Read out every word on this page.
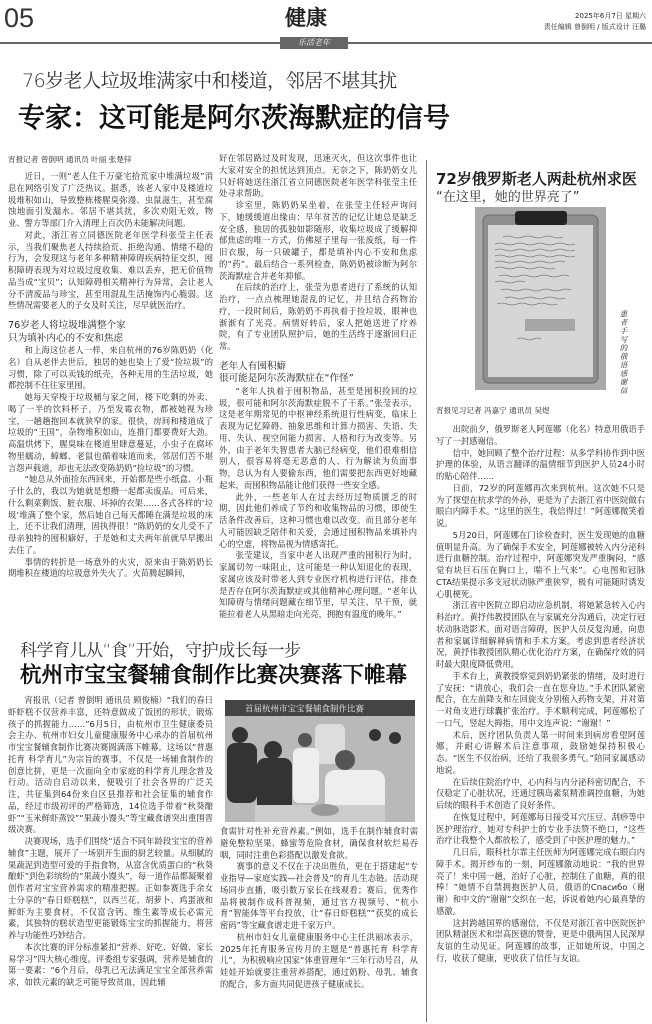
05	健康
乐活老年
2025年6月7日 星期六
责任编辑 曾倒明 / 版式设计 汪璐
76岁老人垃圾堆满家中和楼道，邻居不堪其扰
专家：这可能是阿尔茨海默症的信号
宵报记者 曾倒明 通讯员 叶丽 张楚锌

近日，一则“老人住千万豪宅拾荒家中堆满垃圾”消息在网络引发了广泛热议。据悉，该老人家中及楼道垃圾堆积如山，导致整栋楼腥臭弥漫、虫鼠滋生，甚至腐蚀地面引发漏水。邻居不堪其扰，多次劝阻无效，物业、警方等部门介入清理上百次仍未能解决问题。

对此，浙江省立同德医院老年医学科张莹主任表示，当我们聚焦老人持续拾荒、拒绝沟通、情绪不稳的行为，会发现这与老年多种精神障碍疾病特征交织，囤积障碍表现为对垃圾过度收集、难以丢弃，把无价值物品当成“宝贝”；认知障碍相关精神行为异常，会让老人分不清废品与珍宝，甚至用混乱生活掩饰内心脆弱。这些情况需要老人的子女及时关注，尽早就医治疗。

76岁老人将垃圾堆满整个家

只为填补内心的不安和焦虑

和上海这位老人一样，来自杭州的76岁陈奶奶（化名）自从老伴去世后，独居的她也染上了爱“捡垃圾”的习惯，除了可以卖钱的纸壳，各种无用的生活垃圾，她都控制不住往家里囤。

她每天穿梭于垃圾桶与家之间，楼下吃剩的外卖、喝了一半的饮料杯子，乃至发霉衣物，都被她视为珍宝，一趟趟抱回本就狭窄的家。很快，房间和楼道成了垃圾的“王国”，杂物堆积如山，连推门都要费好大劲。高温烘烤下，腥臭味在楼道里肆意蔓延，小虫子在腐坏物里蠕动，蟑螂、老鼠也循着味道而来，邻居们苦不堪言怨声载道，却也无法改变陈奶奶“捡垃圾”的习惯。

“她总从外面捡东西回来，开始都是些小纸盒、小瓶子什么的，我以为她就是想攒一起都卖废品。可后来，什么剩菜剩饭、脏衣服、坏掉的衣架……各式各样的‘垃圾’堆满了整个家，然后她自己每天都睡在满是垃圾的床上，还不让我们清理，固执得很！”陈奶奶的女儿受不了母亲独特的囤积癖好，于是她和丈夫两年前就早早搬出去住了。

事情的转折是一场意外的火灾，原来由于陈奶奶长期堆积在楼道的垃圾意外失火了。火苗腾起瞬间，

好在邻居路过及时发现，迅速灭火，但这次事件也让大家对安全的担忧达到顶点。无奈之下，陈奶奶女儿只好将她送往浙江省立同德医院老年医学科张莹主任处寻求帮助。

诊室里，陈奶奶呆坐着，在张莹主任轻声询问下，她缓缓道出缘由：早年贫苦的记忆让她总是缺乏安全感，独居的孤独如影随形，收集垃圾成了缓解抑郁焦虑的唯一方式，仿佛屋子里每一张废纸，每一件旧衣服，每一只破罐子，都是填补内心不安和焦虑的“药”。最后结合一系列检查，陈奶奶被诊断为阿尔茨海默症合并老年抑郁。

在后续的治疗上，张莹为患者进行了系统的认知治疗，一点点梳理她混乱的记忆，并且结合药物治疗，一段时间后，陈奶奶不再执着于捡垃圾，眼神也渐渐有了光亮。病情好转后，家人把她送进了疗养院，有了专业团队照护后，她的生活终于逐渐回归正常。

老年人有囤积癖

很可能是阿尔茨海默症在“作怪”

“老年人执着于囤积物品，甚至是囤积捡回的垃圾，很可能和阿尔茨海默症脱不了干系。”张莹表示，这是老年期常见的中枢神经系统退行性病变，临床上表现为记忆障碍、抽象思维和计算力损害、失语、失用、失认、视空间能力损害、人格和行为改变等。另外，由于老年失智患者大脑已经病变，他们很难相信别人，很容易将毫无恶意的人、行为解读为负面事物，总认为有人要偷东西，他们需要把东西更好地藏起来，而囤积物品能让他们获得一些安全感。

此外，一些老年人在过去经历过物质匮乏的时期，因此他们养成了节约和收集物品的习惯，即使生活条件改善后，这种习惯也难以改变。而且部分老年人可能因缺乏陪伴和关爱，会通过囤积物品来填补内心的空虚，将物品视为情感寄托。

张莹建议，当家中老人出现严重的囤积行为时，家属切勿一味阻止，这可能是一种认知退化的表现，家属应该及时带老人到专业医疗机构进行评估，排查是否存在阿尔茨海默症或其他精神心理问题。“老年认知障碍与情绪问题藏在细节里，早关注、早干预，就能拉着老人从黑暗走向光亮，拥抱有温度的晚年。”

72岁俄罗斯老人两赴杭州求医
“在这里，她的世界亮了”
患者手写的俄语感谢信
宵报见习记者 冯嘉宁 通讯员 吴煜

出院前夕，俄罗斯老人阿莲娜（化名）特意用俄语手写了一封感谢信。

信中，她回顾了整个治疗过程：从多学科协作到中医护理的体验，从语言翻译的温情细节到医护人员24小时的贴心陪伴……

日前，72岁的阿莲娜再次来到杭州。这次她不只是为了探望在杭求学的外孙，更是为了去浙江省中医院做右眼白内障手术。“这里的医生，我信得过！”阿莲娜微笑着说。

5月20日，阿莲娜在门诊检查时，医生发现她的血糖值明显升高。为了确保手术安全，阿莲娜被转入内分泌科进行血糖控制。治疗过程中，阿莲娜突发严重胸闷，“感觉有块巨石压在胸口上，喘不上气来”。心电图和冠脉CTA结果提示多支冠状动脉严重狭窄，极有可能随时诱发心肌梗死。

浙江省中医院立即启动应急机制，将她紧急转入心内科治疗。黄抒伟教授团队在与家属充分沟通后，决定行冠状动脉造影术。面对语言障碍，医护人员反复沟通，向患者和家属详细解释病情和手术方案。考虑到患者经济状况，黄抒伟教授团队精心优化治疗方案，在确保疗效的同时最大限度降低费用。

手术台上，黄教授察觉到奶奶紧张的情绪，及时进行了安抚：“请放心，我们会一直在您身边。”手术团队紧密配合，在左前降支和左回旋支分别植入药物支架，并对第一对角支进行球囊扩张治疗。手术顺利完成，阿莲娜松了一口气，竖起大拇指，用中文连声说：“谢谢！”

术后，医疗团队负责人第一时间来到病房看望阿莲娜，并耐心讲解术后注意事项，鼓励她保持积极心态。“医生不仅治病，还给了我很多勇气。”陪同家属感动地说。

在后续住院治疗中，心内科与内分泌科密切配合，不仅稳定了心脏状况，还通过胰岛素泵精准调控血糖，为她后续的眼科手术创造了良好条件。

在恢复过程中，阿莲娜每日接受耳穴压豆、刮痧等中医护理治疗，她对专科护士的专业手法赞不绝口，“这些治疗让我整个人都放松了，感受到了中医护理的魅力。”

几日后，眼科杜尔霏主任医师为阿莲娜完成右眼白内障手术。揭开纱布的一刻，阿莲娜激动地说：“我的世界亮了！来中国一趟，治好了心脏，控制住了血糖，真的很棒！”她情不自禁拥抱医护人员，俄语的Спасибо（谢谢）和中文的“谢谢”交织在一起，诉说着她内心最真挚的感激。

这封跨越国界的感谢信，不仅是对浙江省中医院医护团队精湛医术和崇高医德的赞誉，更是中俄两国人民深厚友谊的生动见证。阿莲娜的故事，正如她所说，中国之行，收获了健康，更收获了信任与友谊。

科学育儿从“食”开始，守护成长每一步
杭州市宝宝餐辅食制作比赛决赛落下帷幕

宵报讯（记者 曾倒明 通讯员 顾俊楠）“我们的春日虾虾糕不仅营养丰富，还特意做成了饭团的形状，锻炼孩子的抓握能力……”6月5日，由杭州市卫生健康委员会主办、杭州市妇女儿童健康服务中心承办的首届杭州市宝宝餐辅食制作比赛决赛圆满落下帷幕。这场以“普惠托育 科学育儿”为宗旨的赛事，不仅是一场辅食制作的创意比拼，更是一次面向全市家庭的科学育儿理念普及行动。活动自启动以来，便吸引了社会各界的广泛关注，共征集到64份来自区县推荐和社会征集的辅食作品，经过市级初评的严格筛选，14位选手带着“秋葵酿虾”“玉米鲜虾蒸饺”“果蔬小馒头”等宝藏食谱突出重围晋级决赛。

决赛现场，选手们围绕“适合不同年龄段宝宝的营养辅食”主题，展开了一场别开生面的厨艺较量。从细腻的果蔬泥到造型可爱的手指食物，从富含优质蛋白的“秋葵酿虾”到色彩缤纷的“果蔬小馒头”，每一道作品都凝聚着创作者对宝宝营养需求的精准把握。正如参赛选手余女士分享的“春日虾糕糕”，以西兰花、胡萝卜、鸡蛋液和鲜虾为主要食材，不仅富含钙、维生素等成长必需元素，其独特的糕状造型更能锻炼宝宝的抓握能力，将营养与功能性巧妙结合。

本次比赛的评分标准紧扣“营养、好吃、好做、家长易学习”四大核心维度。评委组专家强调，营养是辅食的第一要素：“6个月后，母乳已无法满足宝宝全部营养需求，如铁元素的缺乏可能导致贫血，因此辅

首届杭州市宝宝餐辅食制作比赛

食需针对性补充营养素。”例如，选手在制作辅食时需避免整粒坚果、蜂蜜等危险食材，确保食材软烂易吞咽，同时注重色彩搭配以激发食欲。

赛事的意义不仅在于决出胜负，更在于搭建起“专业指导—家庭实践—社会普及”的育儿生态链。活动现场同步直播，吸引数万家长在线观看；赛后，优秀作品将被制作成科普视频，通过官方视频号、“杭小育”智能体等平台投放，让“春日虾糕糕”“获奖的成长密码”等宝藏食谱走进千家万户。

杭州市妇女儿童健康服务中心主任洪丽冰表示，2025年托育服务宣传月的主题是“普惠托育 科学育儿”，为积极响应国家“体重管理年”三年行动号召，从娃娃开始就要注重营养搭配，通过奶粉、母乳、辅食的配合，多方面共同促进孩子健康成长。
